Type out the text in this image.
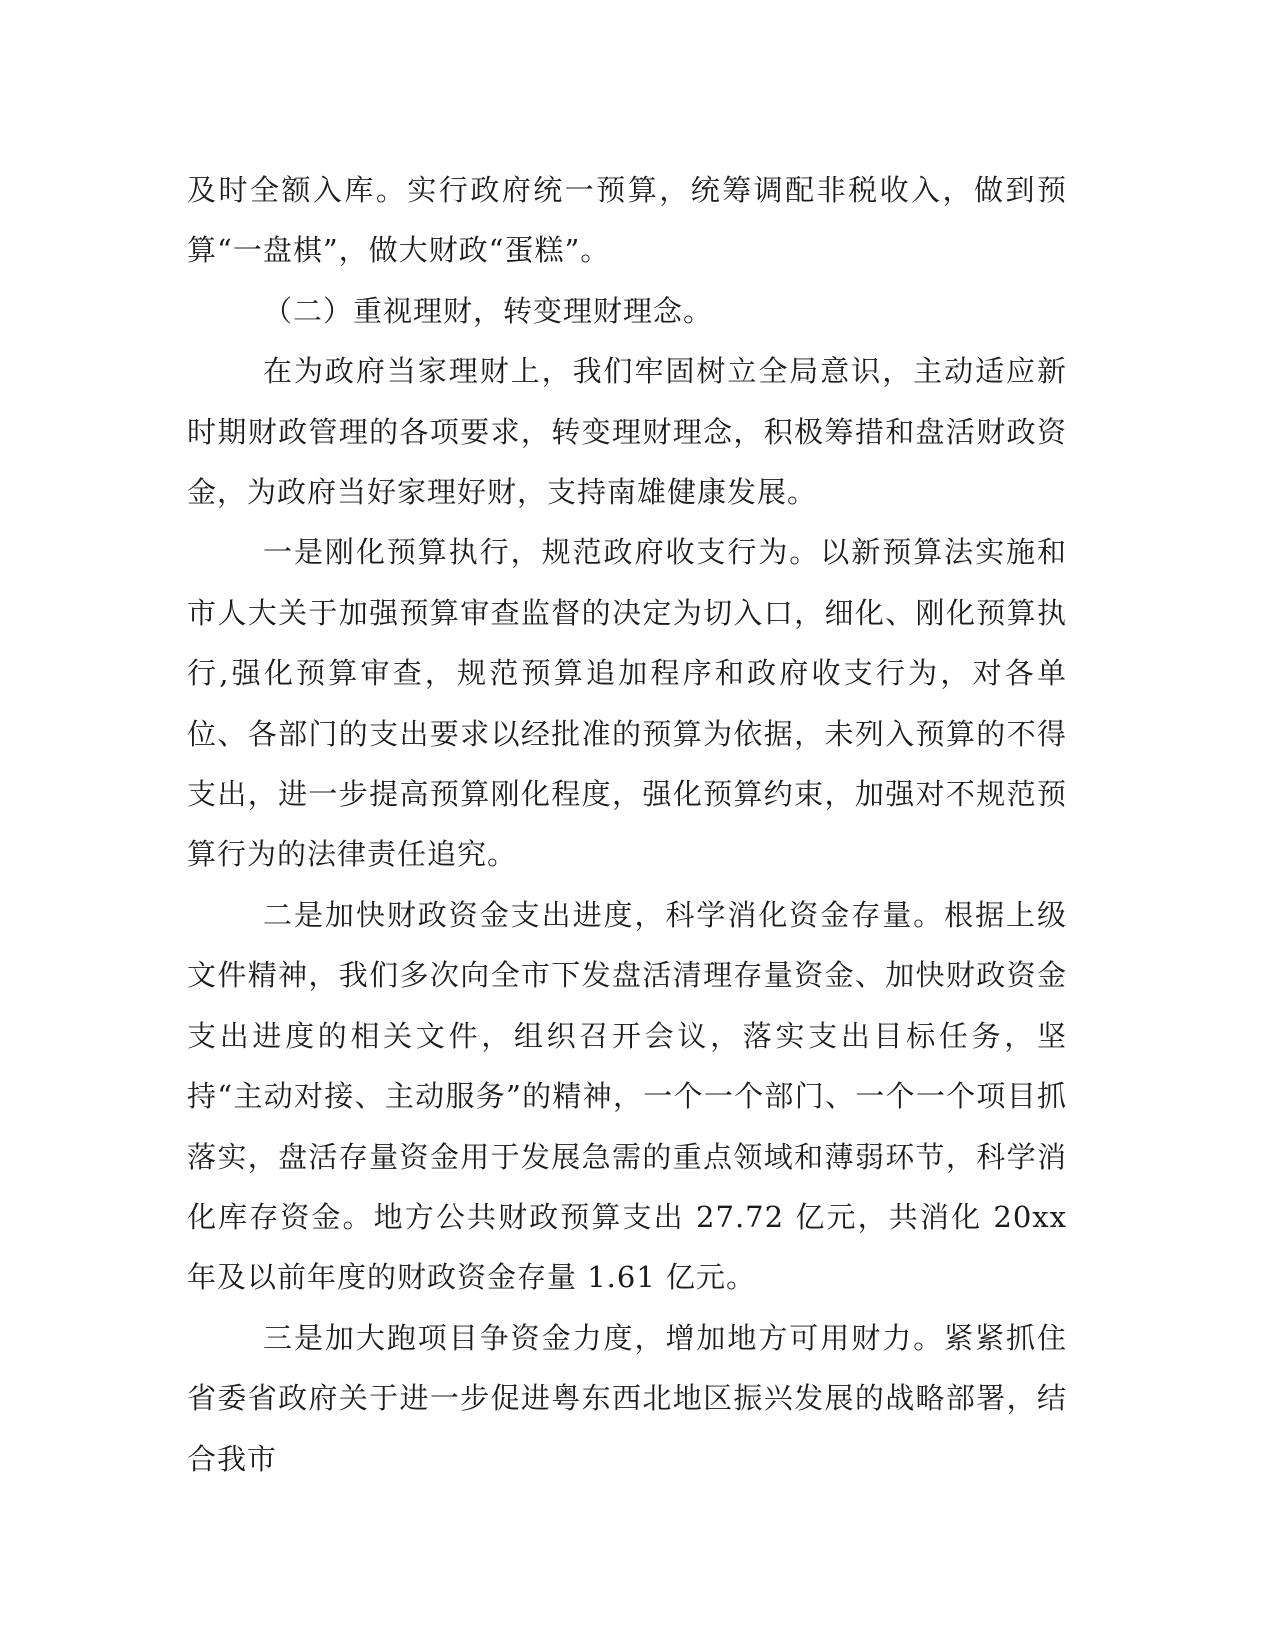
及时全额入库。实行政府统一预算，统筹调配非税收入，做到预算“一盘棋”，做大财政“蛋糕”。

（二）重视理财，转变理财理念。

在为政府当家理财上，我们牢固树立全局意识，主动适应新时期财政管理的各项要求，转变理财理念，积极筹措和盘活财政资金，为政府当好家理好财，支持南雄健康发展。

一是刚化预算执行，规范政府收支行为。以新预算法实施和市人大关于加强预算审查监督的决定为切入口，细化、刚化预算执行,强化预算审查，规范预算追加程序和政府收支行为，对各单位、各部门的支出要求以经批准的预算为依据，未列入预算的不得支出，进一步提高预算刚化程度，强化预算约束，加强对不规范预算行为的法律责任追究。

二是加快财政资金支出进度，科学消化资金存量。根据上级文件精神，我们多次向全市下发盘活清理存量资金、加快财政资金支出进度的相关文件，组织召开会议，落实支出目标任务，坚持“主动对接、主动服务”的精神，一个一个部门、一个一个项目抓落实，盘活存量资金用于发展急需的重点领域和薄弱环节，科学消化库存资金。地方公共财政预算支出 27.72 亿元，共消化 20xx 年及以前年度的财政资金存量 1.61 亿元。

三是加大跑项目争资金力度，增加地方可用财力。紧紧抓住省委省政府关于进一步促进粤东西北地区振兴发展的战略部署，结合我市
